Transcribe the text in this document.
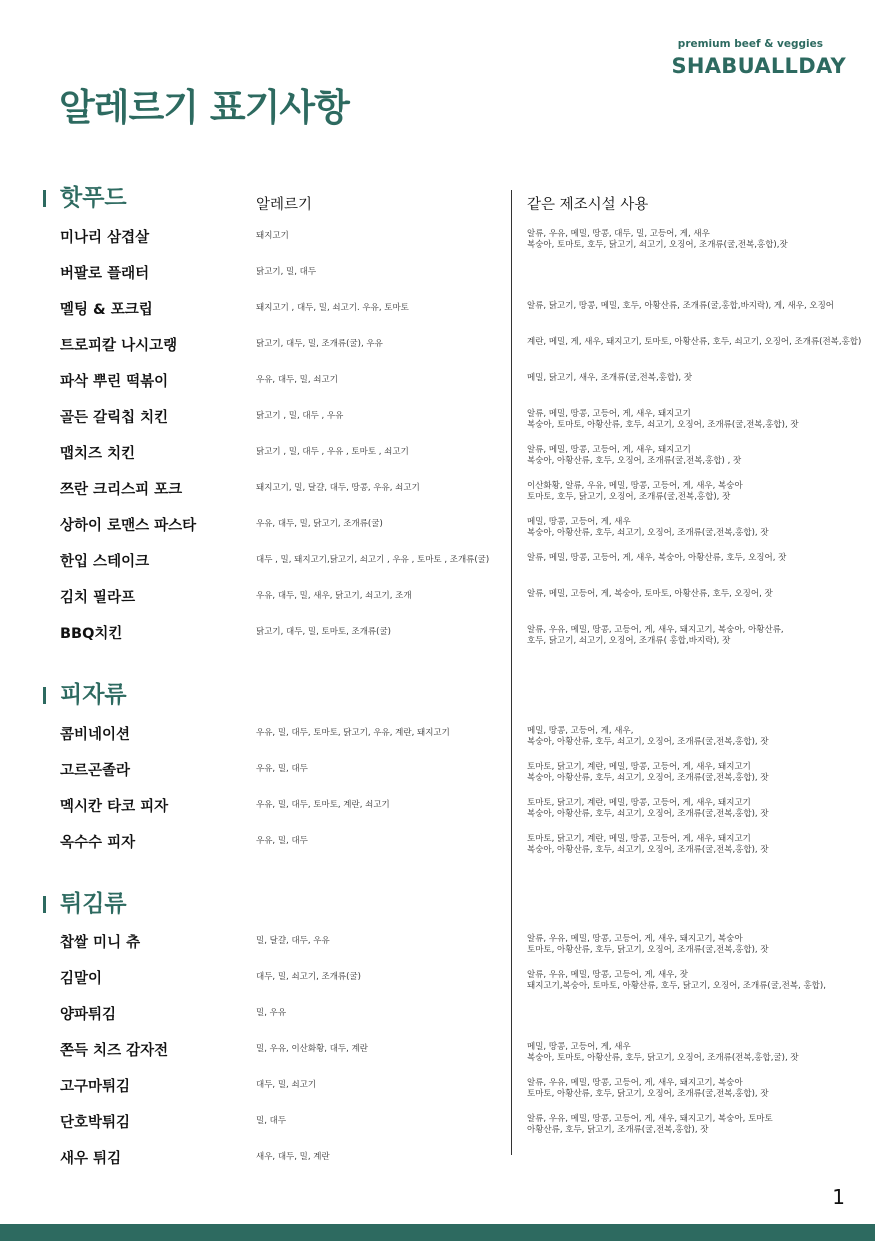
premium beef & veggies
SHABUALLDAY
알레르기 표기사항
알레르기	같은 제조시설 사용
핫푸드
미나리 삼겹살	돼지고기	알류, 우유, 메밀, 땅콩, 대두, 밀, 고등어, 게, 새우
복숭아, 토마토, 호두, 닭고기, 쇠고기, 오징어, 조개류(굴,전복,홍합),잣
버팔로 플래터	닭고기, 밀, 대두
멜팅 & 포크립	돼지고기 , 대두, 밀, 쇠고기. 우유, 토마토	알류, 닭고기, 땅콩, 메밀, 호두, 아황산류, 조개류(굴,홍합,바지락), 게, 새우, 오징어
트로피칼 나시고랭	닭고기, 대두, 밀, 조개류(굴), 우유	계란, 메밀, 게, 새우, 돼지고기, 토마토, 아황산류, 호두, 쇠고기, 오징어, 조개류(전복,홍합)
파삭 뿌린 떡볶이	우유, 대두, 밀, 쇠고기	메밀, 닭고기, 새우, 조개류(굴,전복,홍합), 잣
골든 갈릭칩 치킨	닭고기 , 밀, 대두 , 우유	알류, 메밀, 땅콩, 고등어, 게, 새우, 돼지고기
복숭아, 토마토, 아황산류, 호두, 쇠고기, 오징어, 조개류(굴,전복,홍합), 잣
맵치즈 치킨	닭고기 , 밀, 대두 , 우유 , 토마토 , 쇠고기	알류, 메밀, 땅콩, 고등어, 게, 새우, 돼지고기
복숭아, 아황산류, 호두, 오징어, 조개류(굴,전복,홍합) , 잣
쯔란 크리스피 포크	돼지고기, 밀, 달걀, 대두, 땅콩, 우유, 쇠고기	이산화황, 알류, 우유, 메밀, 땅콩, 고등어, 게, 새우, 복숭아
토마토, 호두, 닭고기, 오징어, 조개류(굴,전복,홍합), 잣
상하이 로맨스 파스타	우유, 대두, 밀, 닭고기, 조개류(굴)	메밀, 땅콩, 고등어, 게, 새우
복숭아, 아황산류, 호두, 쇠고기, 오징어, 조개류(굴,전복,홍합), 잣
한입 스테이크	대두 , 밀, 돼지고기,닭고기, 쇠고기 , 우유 , 토마토 , 조개류(굴)	알류, 메밀, 땅콩, 고등어, 게, 새우, 복숭아, 아황산류, 호두, 오징어, 잣
김치 필라프	우유, 대두, 밀, 새우, 닭고기, 쇠고기, 조개	알류, 메밀, 고등어, 게, 복숭아, 토마토, 아황산류, 호두, 오징어, 잣
BBQ치킨	닭고기, 대두, 밀, 토마토, 조개류(굴)	알류, 우유, 메밀, 땅콩, 고등어, 게, 새우, 돼지고기, 복숭아, 아황산류,
호두, 닭고기, 쇠고기, 오징어, 조개류( 홍합,바지락), 잣
피자류
콤비네이션	우유, 밀, 대두, 토마토, 닭고기, 우유, 계란, 돼지고기	메밀, 땅콩, 고등어, 게, 새우,
복숭아, 아황산류, 호두, 쇠고기, 오징어, 조개류(굴,전복,홍합), 잣
고르곤졸라	우유, 밀, 대두	토마토, 닭고기, 계란, 메밀, 땅콩, 고등어, 게, 새우, 돼지고기
복숭아, 아황산류, 호두, 쇠고기, 오징어, 조개류(굴,전복,홍합), 잣
멕시칸 타코 피자	우유, 밀, 대두, 토마토, 계란, 쇠고기	토마토, 닭고기, 계란, 메밀, 땅콩, 고등어, 게, 새우, 돼지고기
복숭아, 아황산류, 호두, 쇠고기, 오징어, 조개류(굴,전복,홍합), 잣
옥수수 피자	우유, 밀, 대두	토마토, 닭고기, 계란, 메밀, 땅콩, 고등어, 게, 새우, 돼지고기
복숭아, 아황산류, 호두, 쇠고기, 오징어, 조개류(굴,전복,홍합), 잣
튀김류
찹쌀 미니 츄	밀, 달걀, 대두, 우유	알류, 우유, 메밀, 땅콩, 고등어, 게, 새우, 돼지고기, 복숭아
토마토, 아황산류, 호두, 닭고기, 오징어, 조개류(굴,전복,홍합), 잣
김말이	대두, 밀, 쇠고기, 조개류(굴)	알류, 우유, 메밀, 땅콩, 고등어, 게, 새우, 잣
돼지고기,복숭아, 토마토, 아황산류, 호두, 닭고기, 오징어, 조개류(굴,전복, 홍합),
양파튀김	밀, 우유
쫀득 치즈 감자전	밀, 우유, 이산화황, 대두, 계란	메밀, 땅콩, 고등어, 게, 새우
복숭아, 토마토, 아황산류, 호두, 닭고기, 오징어, 조개류(전복,홍합,굴), 잣
고구마튀김	대두, 밀, 쇠고기	알류, 우유, 메밀, 땅콩, 고등어, 게, 새우, 돼지고기, 복숭아
토마토, 아황산류, 호두, 닭고기, 오징어, 조개류(굴,전복,홍합), 잣
단호박튀김	밀, 대두	알류, 우유, 메밀, 땅콩, 고등어, 게, 새우, 돼지고기, 복숭아, 토마토
아황산류, 호두, 닭고기, 조개류(굴,전복,홍합), 잣
새우 튀김	새우, 대두, 밀, 계란
1
